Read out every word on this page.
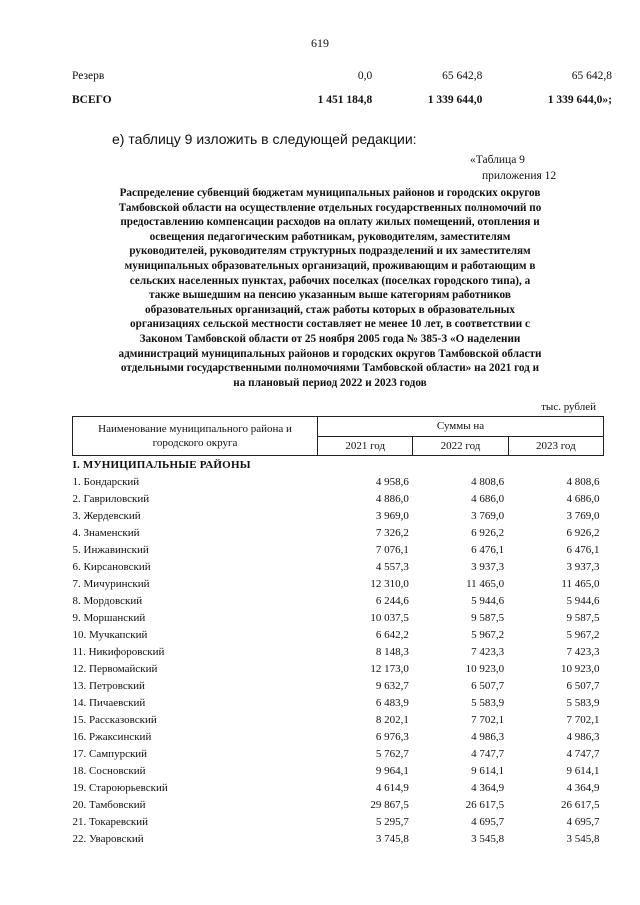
619
Резерв	0,0	65 642,8	65 642,8
ВСЕГО	1 451 184,8	1 339 644,0	1 339 644,0»;
е) таблицу 9 изложить в следующей редакции:
«Таблица 9
приложения 12
Распределение субвенций бюджетам муниципальных районов и городских округов
Тамбовской области на осуществление отдельных государственных полномочий по
предоставлению компенсации расходов на оплату жилых помещений, отопления и
освещения педагогическим работникам, руководителям, заместителям
руководителей, руководителям структурных подразделений и их заместителям
муниципальных образовательных организаций, проживающим и работающим в
сельских населенных пунктах, рабочих поселках (поселках городского типа), а
также вышедшим на пенсию указанным выше категориям работников
образовательных организаций, стаж работы которых в образовательных
организациях сельской местности составляет не менее 10 лет, в соответствии с
Законом Тамбовской области от 25 ноября 2005 года № 385-З «О наделении
администраций муниципальных районов и городских округов Тамбовской области
отдельными государственными полномочиями Тамбовской области» на 2021 год и
на плановый период 2022 и 2023 годов
тыс. рублей
Наименование муниципального района и городского округа	Суммы на		
	2021 год	2022 год	2023 год
I. МУНИЦИПАЛЬНЫЕ РАЙОНЫ			
1. Бондарский	4 958,6	4 808,6	4 808,6
2. Гавриловский	4 886,0	4 686,0	4 686,0
3. Жердевский	3 969,0	3 769,0	3 769,0
4. Знаменский	7 326,2	6 926,2	6 926,2
5. Инжавинский	7 076,1	6 476,1	6 476,1
6. Кирсановский	4 557,3	3 937,3	3 937,3
7. Мичуринский	12 310,0	11 465,0	11 465,0
8. Мордовский	6 244,6	5 944,6	5 944,6
9. Моршанский	10 037,5	9 587,5	9 587,5
10. Мучкапский	6 642,2	5 967,2	5 967,2
11. Никифоровский	8 148,3	7 423,3	7 423,3
12. Первомайский	12 173,0	10 923,0	10 923,0
13. Петровский	9 632,7	6 507,7	6 507,7
14. Пичаевский	6 483,9	5 583,9	5 583,9
15. Рассказовский	8 202,1	7 702,1	7 702,1
16. Ржаксинский	6 976,3	4 986,3	4 986,3
17. Сампурский	5 762,7	4 747,7	4 747,7
18. Сосновский	9 964,1	9 614,1	9 614,1
19. Староюрьевский	4 614,9	4 364,9	4 364,9
20. Тамбовский	29 867,5	26 617,5	26 617,5
21. Токаревский	5 295,7	4 695,7	4 695,7
22. Уваровский	3 745,8	3 545,8	3 545,8
